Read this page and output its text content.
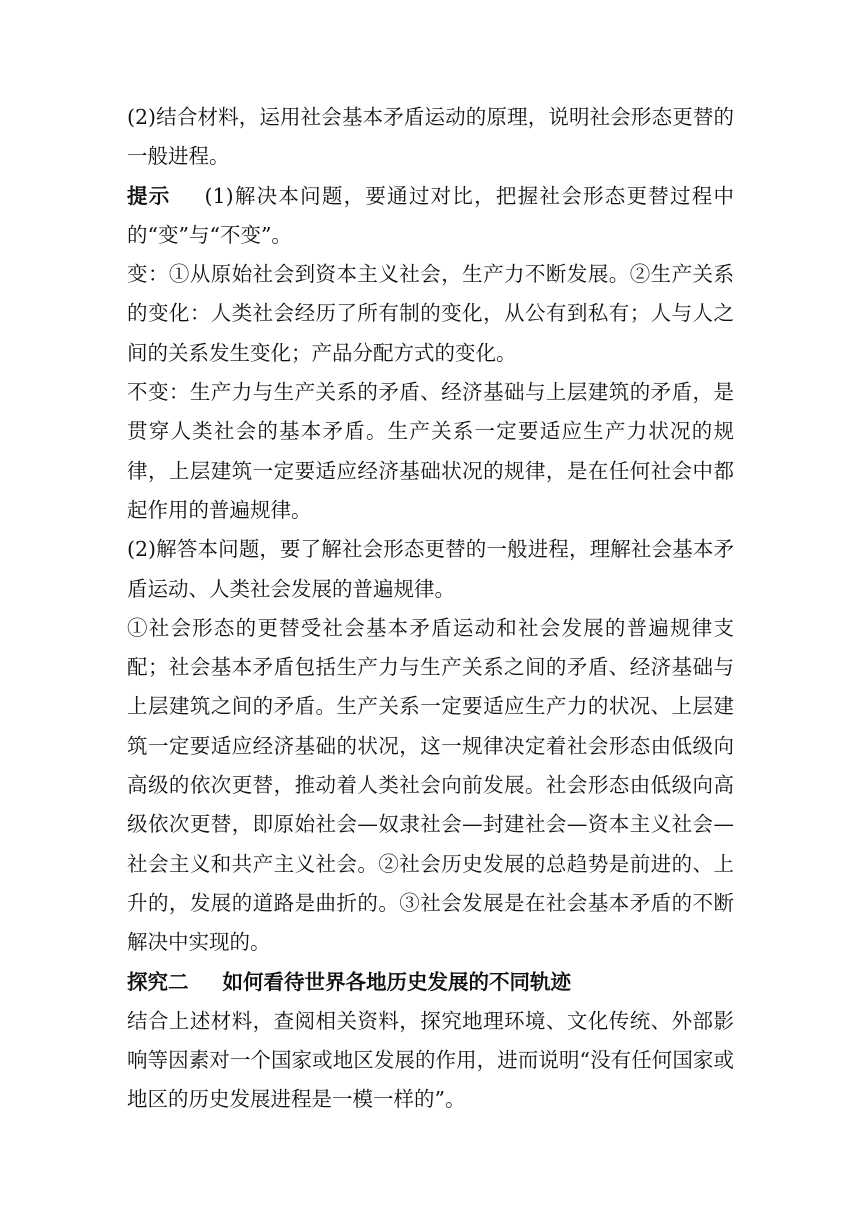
(2)结合材料，运用社会基本矛盾运动的原理，说明社会形态更替的一般进程。

提示 (1)解决本问题，要通过对比，把握社会形态更替过程中的“变”与“不变”。

变：①从原始社会到资本主义社会，生产力不断发展。②生产关系的变化：人类社会经历了所有制的变化，从公有到私有；人与人之间的关系发生变化；产品分配方式的变化。

不变：生产力与生产关系的矛盾、经济基础与上层建筑的矛盾，是贯穿人类社会的基本矛盾。生产关系一定要适应生产力状况的规律，上层建筑一定要适应经济基础状况的规律，是在任何社会中都起作用的普遍规律。

(2)解答本问题，要了解社会形态更替的一般进程，理解社会基本矛盾运动、人类社会发展的普遍规律。

①社会形态的更替受社会基本矛盾运动和社会发展的普遍规律支配；社会基本矛盾包括生产力与生产关系之间的矛盾、经济基础与上层建筑之间的矛盾。生产关系一定要适应生产力的状况、上层建筑一定要适应经济基础的状况，这一规律决定着社会形态由低级向高级的依次更替，推动着人类社会向前发展。社会形态由低级向高级依次更替，即原始社会—奴隶社会—封建社会—资本主义社会—社会主义和共产主义社会。②社会历史发展的总趋势是前进的、上升的，发展的道路是曲折的。③社会发展是在社会基本矛盾的不断解决中实现的。

探究二 如何看待世界各地历史发展的不同轨迹

结合上述材料，查阅相关资料，探究地理环境、文化传统、外部影响等因素对一个国家或地区发展的作用，进而说明“没有任何国家或地区的历史发展进程是一模一样的”。
